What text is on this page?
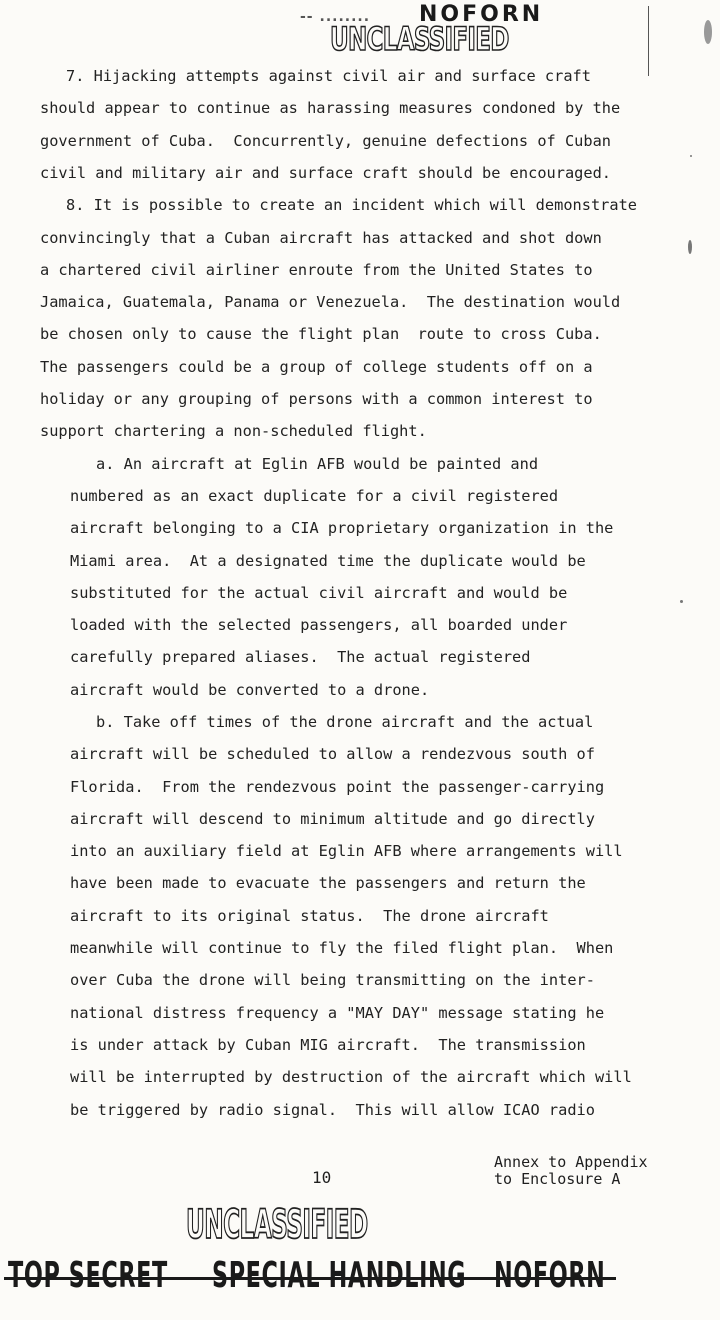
-- ........ NOFORN
UNCLASSIFIED
7. Hijacking attempts against civil air and surface craft
should appear to continue as harassing measures condoned by the
government of Cuba.  Concurrently, genuine defections of Cuban
civil and military air and surface craft should be encouraged.
8. It is possible to create an incident which will demonstrate
convincingly that a Cuban aircraft has attacked and shot down
a chartered civil airliner enroute from the United States to
Jamaica, Guatemala, Panama or Venezuela.  The destination would
be chosen only to cause the flight plan  route to cross Cuba.
The passengers could be a group of college students off on a
holiday or any grouping of persons with a common interest to
support chartering a non-scheduled flight.
a. An aircraft at Eglin AFB would be painted and
numbered as an exact duplicate for a civil registered
aircraft belonging to a CIA proprietary organization in the
Miami area.  At a designated time the duplicate would be
substituted for the actual civil aircraft and would be
loaded with the selected passengers, all boarded under
carefully prepared aliases.  The actual registered
aircraft would be converted to a drone.
b. Take off times of the drone aircraft and the actual
aircraft will be scheduled to allow a rendezvous south of
Florida.  From the rendezvous point the passenger-carrying
aircraft will descend to minimum altitude and go directly
into an auxiliary field at Eglin AFB where arrangements will
have been made to evacuate the passengers and return the
aircraft to its original status.  The drone aircraft
meanwhile will continue to fly the filed flight plan.  When
over Cuba the drone will being transmitting on the inter-
national distress frequency a "MAY DAY" message stating he
is under attack by Cuban MIG aircraft.  The transmission
will be interrupted by destruction of the aircraft which will
be triggered by radio signal.  This will allow ICAO radio
10
Annex to Appendix
to Enclosure A
UNCLASSIFIED
TOP SECRET SPECIAL HANDLING NOFORN
